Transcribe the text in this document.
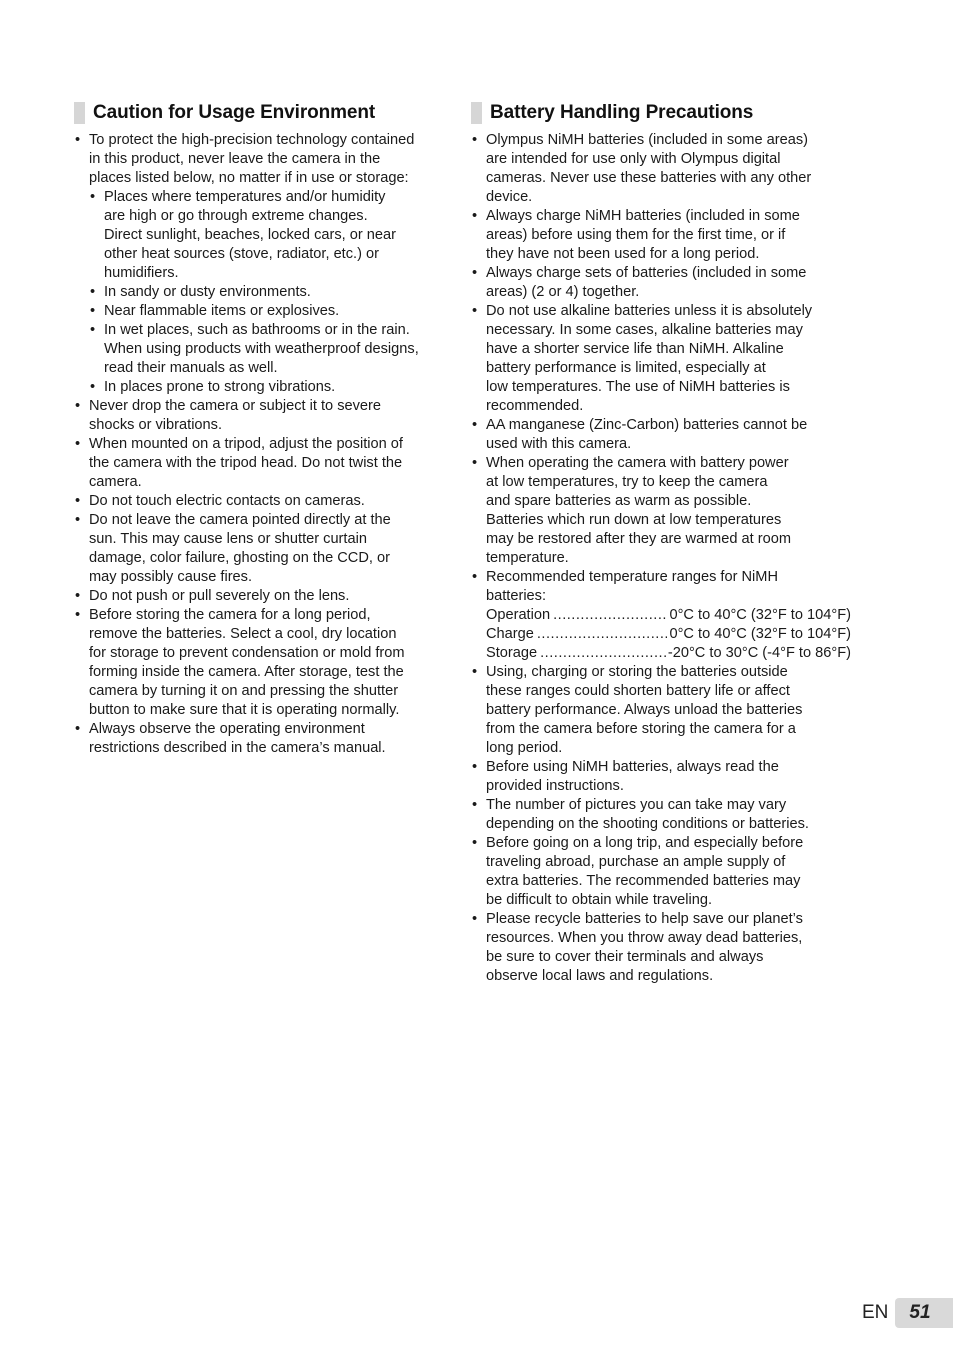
Caution for Usage Environment
• To protect the high-precision technology contained
in this product, never leave the camera in the
places listed below, no matter if in use or storage:
• Places where temperatures and/or humidity
are high or go through extreme changes.
Direct sunlight, beaches, locked cars, or near
other heat sources (stove, radiator, etc.) or
humidifiers.
• In sandy or dusty environments.
• Near flammable items or explosives.
• In wet places, such as bathrooms or in the rain.
When using products with weatherproof designs,
read their manuals as well.
• In places prone to strong vibrations.
• Never drop the camera or subject it to severe
shocks or vibrations.
• When mounted on a tripod, adjust the position of
the camera with the tripod head. Do not twist the
camera.
• Do not touch electric contacts on cameras.
• Do not leave the camera pointed directly at the
sun. This may cause lens or shutter curtain
damage, color failure, ghosting on the CCD, or
may possibly cause fires.
• Do not push or pull severely on the lens.
• Before storing the camera for a long period,
remove the batteries. Select a cool, dry location
for storage to prevent condensation or mold from
forming inside the camera. After storage, test the
camera by turning it on and pressing the shutter
button to make sure that it is operating normally.
• Always observe the operating environment
restrictions described in the camera’s manual.
Battery Handling Precautions
• Olympus NiMH batteries (included in some areas)
are intended for use only with Olympus digital
cameras. Never use these batteries with any other
device.
• Always charge NiMH batteries (included in some
areas) before using them for the first time, or if
they have not been used for a long period.
• Always charge sets of batteries (included in some
areas) (2 or 4) together.
• Do not use alkaline batteries unless it is absolutely
necessary. In some cases, alkaline batteries may
have a shorter service life than NiMH. Alkaline
battery performance is limited, especially at
low temperatures. The use of NiMH batteries is
recommended.
• AA manganese (Zinc-Carbon) batteries cannot be
used with this camera.
• When operating the camera with battery power
at low temperatures, try to keep the camera
and spare batteries as warm as possible.
Batteries which run down at low temperatures
may be restored after they are warmed at room
temperature.
• Recommended temperature ranges for NiMH
batteries:
Operation .....	0°C to 40°C (32°F to 104°F)
Charge .....	0°C to 40°C (32°F to 104°F)
Storage .....	-20°C to 30°C (-4°F to 86°F)
• Using, charging or storing the batteries outside
these ranges could shorten battery life or affect
battery performance. Always unload the batteries
from the camera before storing the camera for a
long period.
• Before using NiMH batteries, always read the
provided instructions.
• The number of pictures you can take may vary
depending on the shooting conditions or batteries.
• Before going on a long trip, and especially before
traveling abroad, purchase an ample supply of
extra batteries. The recommended batteries may
be difficult to obtain while traveling.
• Please recycle batteries to help save our planet’s
resources. When you throw away dead batteries,
be sure to cover their terminals and always
observe local laws and regulations.
EN	51
